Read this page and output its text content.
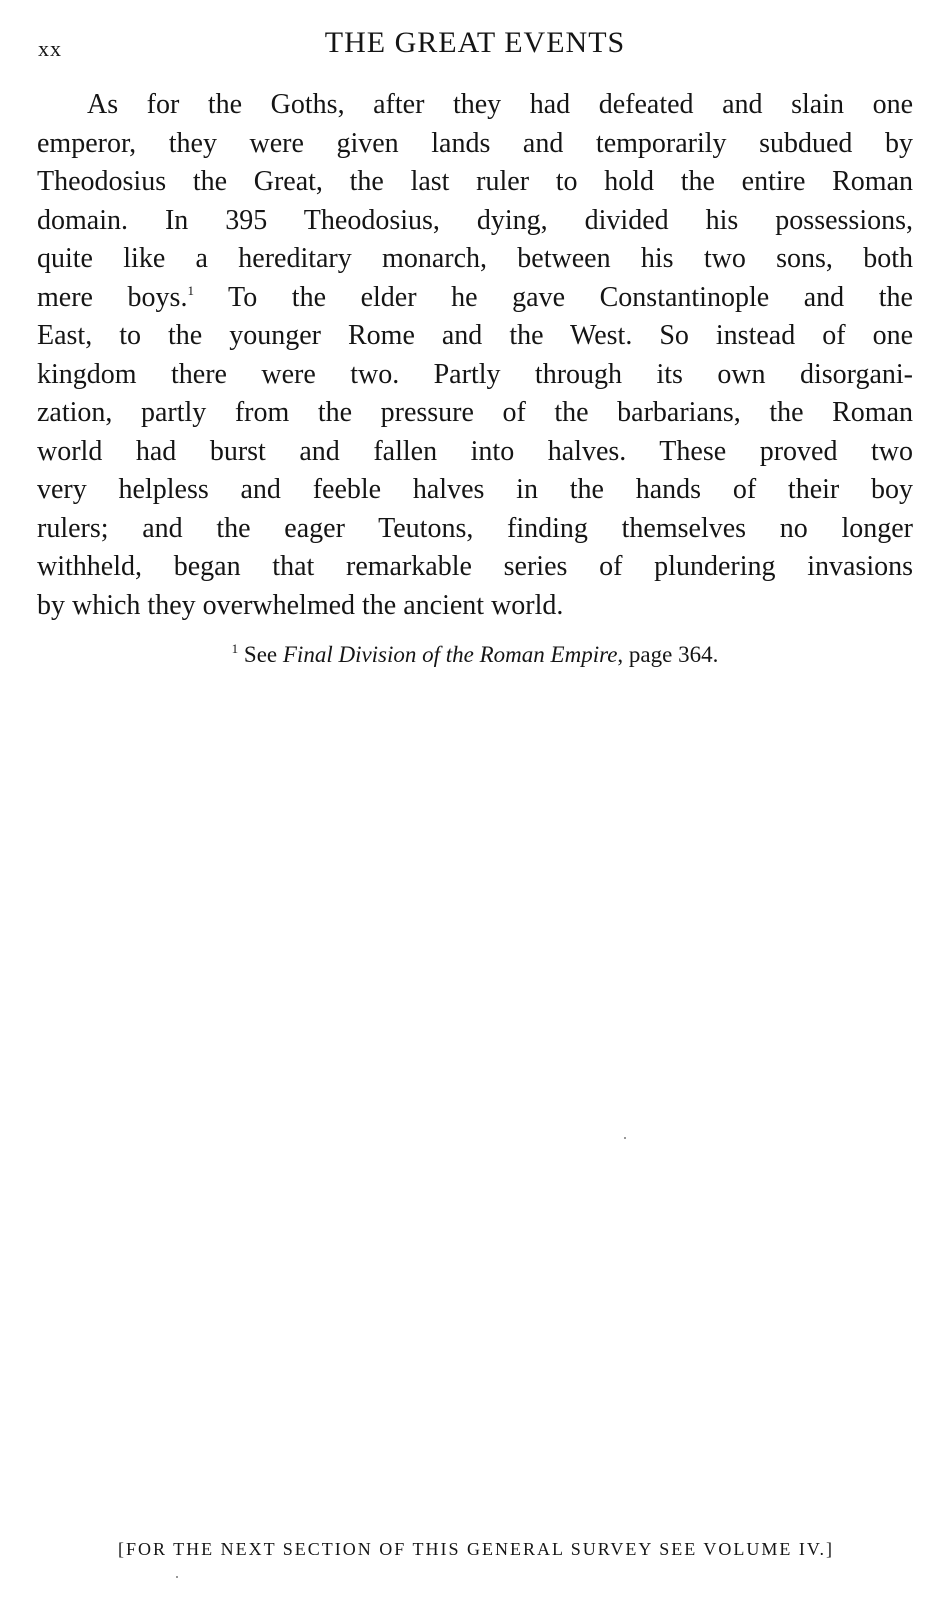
xx	THE GREAT EVENTS
As for the Goths, after they had defeated and slain one
emperor, they were given lands and temporarily subdued by
Theodosius the Great, the last ruler to hold the entire Roman
domain. In 395 Theodosius, dying, divided his possessions,
quite like a hereditary monarch, between his two sons, both
mere boys.$^1$ To the elder he gave Constantinople and the
East, to the younger Rome and the West. So instead of one
kingdom there were two. Partly through its own disorgani-
zation, partly from the pressure of the barbarians, the Roman
world had burst and fallen into halves. These proved two
very helpless and feeble halves in the hands of their boy
rulers; and the eager Teutons, finding themselves no longer
withheld, began that remarkable series of plundering invasions
by which they overwhelmed the ancient world.
$^1$ See Final Division of the Roman Empire, page 364.
[FOR THE NEXT SECTION OF THIS GENERAL SURVEY SEE VOLUME IV.]
